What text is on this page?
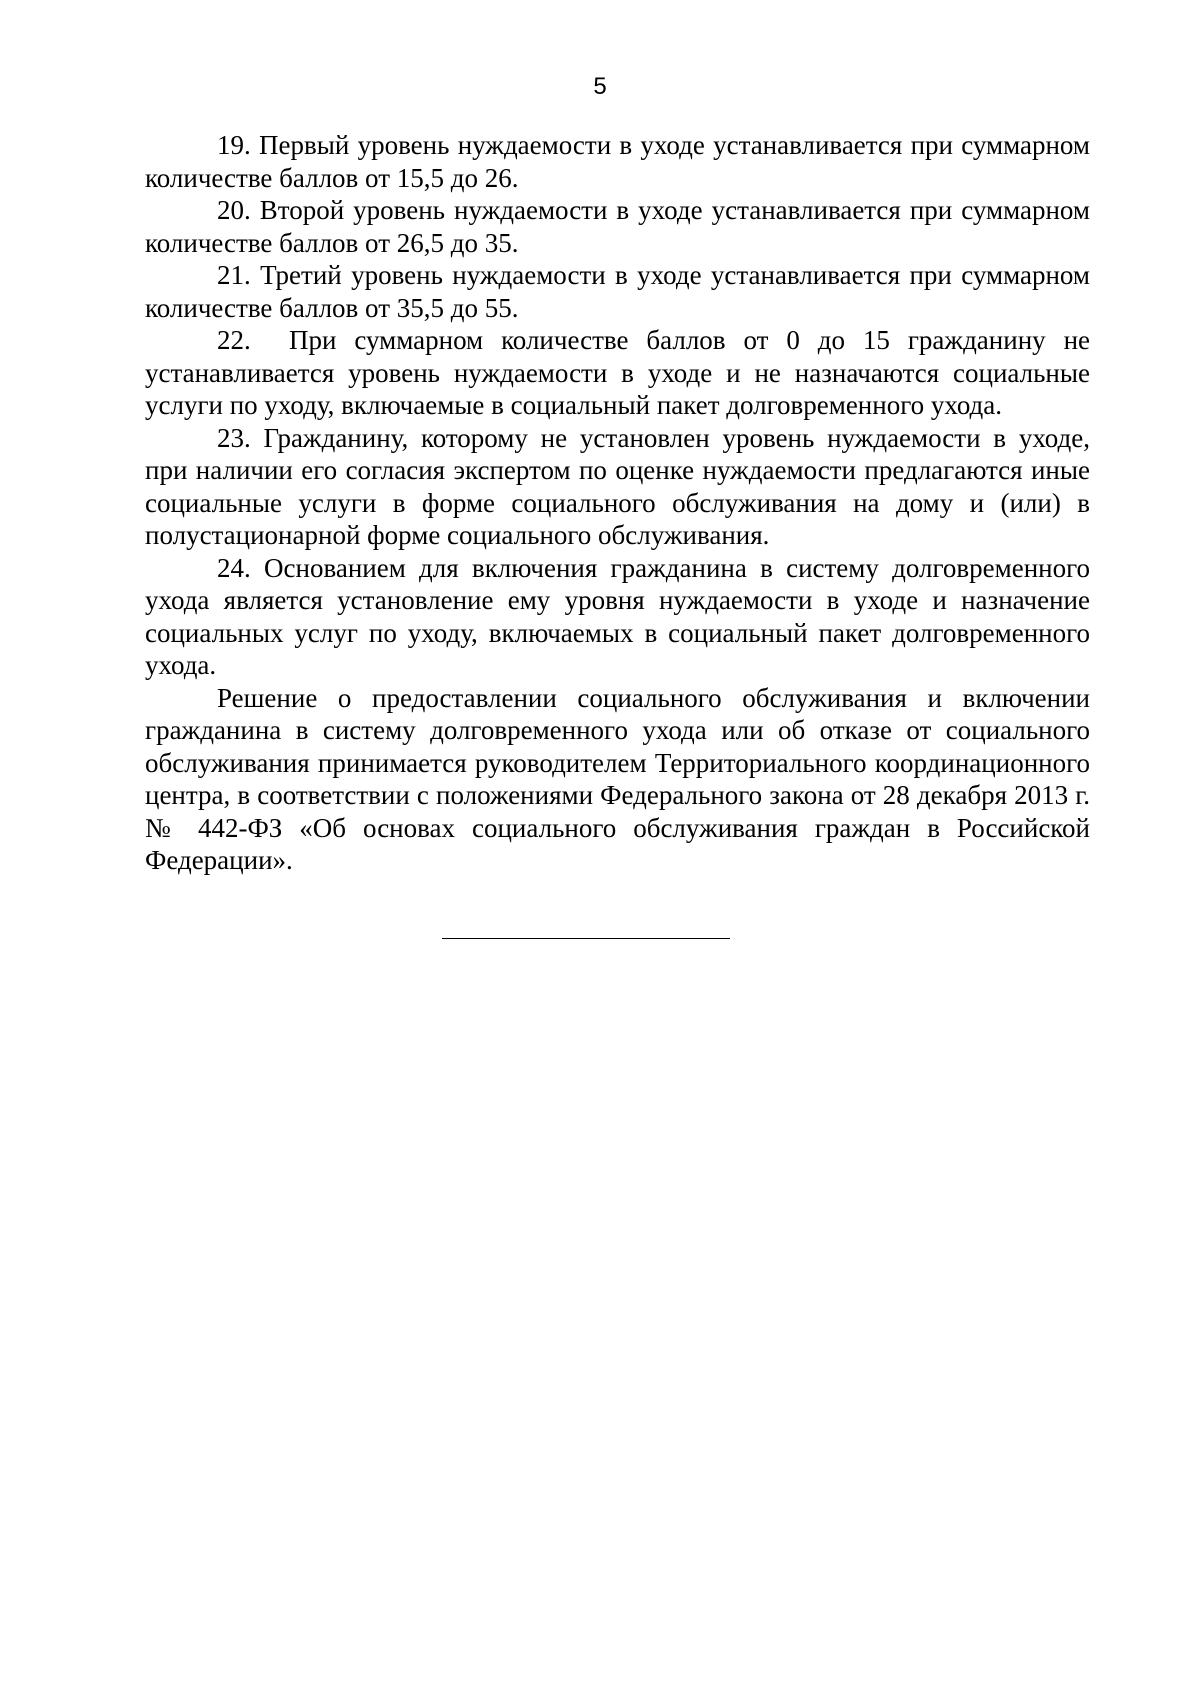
5

19. Первый уровень нуждаемости в уходе устанавливается при суммарном количестве баллов от 15,5 до 26.

20. Второй уровень нуждаемости в уходе устанавливается при суммарном количестве баллов от 26,5 до 35.

21. Третий уровень нуждаемости в уходе устанавливается при суммарном количестве баллов от 35,5 до 55.

22. При суммарном количестве баллов от 0 до 15 гражданину не устанавливается уровень нуждаемости в уходе и не назначаются социальные услуги по уходу, включаемые в социальный пакет долговременного ухода.

23. Гражданину, которому не установлен уровень нуждаемости в уходе, при наличии его согласия экспертом по оценке нуждаемости предлагаются иные социальные услуги в форме социального обслуживания на дому и (или) в полустационарной форме социального обслуживания.

24. Основанием для включения гражданина в систему долговременного ухода является установление ему уровня нуждаемости в уходе и назначение социальных услуг по уходу, включаемых в социальный пакет долговременного ухода.

Решение о предоставлении социального обслуживания и включении гражданина в систему долговременного ухода или об отказе от социального обслуживания принимается руководителем Территориального координационного центра, в соответствии с положениями Федерального закона от 28 декабря 2013 г. № 442-ФЗ «Об основах социального обслуживания граждан в Российской Федерации».
